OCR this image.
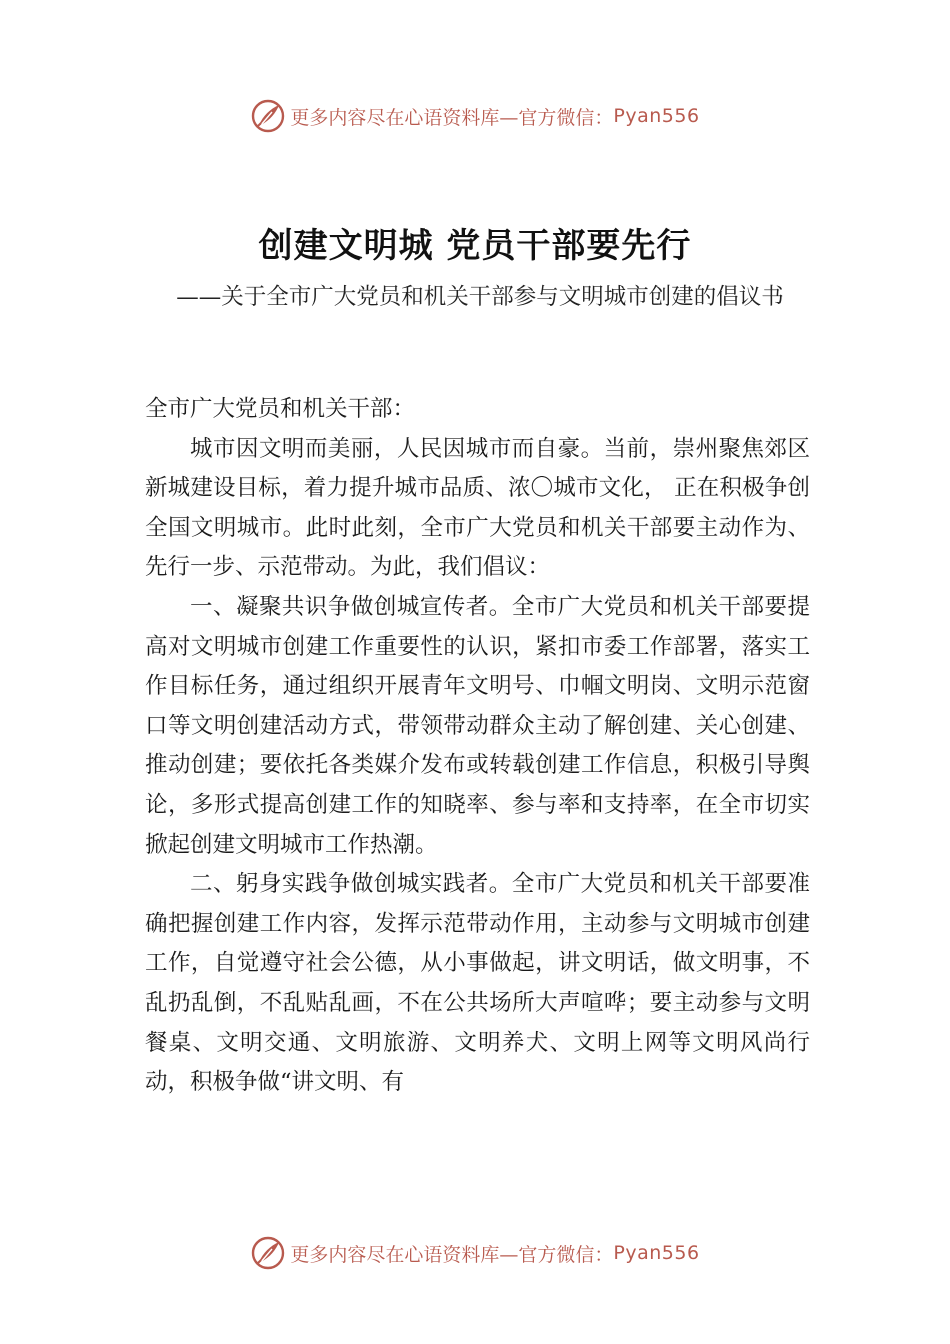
更多内容尽在心语资料库—官方微信： Pyan556
创建文明城 党员干部要先行
——关于全市广大党员和机关干部参与文明城市创建的倡议书

全市广大党员和机关干部：

城市因文明而美丽，人民因城市而自豪。当前，崇州聚焦郊区新城建设目标，着力提升城市品质、浓〇城市文化， 正在积极争创全国文明城市。此时此刻，全市广大党员和机关干部要主动作为、先行一步、示范带动。为此，我们倡议：

一、凝聚共识争做创城宣传者。全市广大党员和机关干部要提高对文明城市创建工作重要性的认识，紧扣市委工作部署，落实工作目标任务，通过组织开展青年文明号、巾帼文明岗、文明示范窗口等文明创建活动方式，带领带动群众主动了解创建、关心创建、推动创建；要依托各类媒介发布或转载创建工作信息，积极引导舆论，多形式提高创建工作的知晓率、参与率和支持率，在全市切实掀起创建文明城市工作热潮。

二、躬身实践争做创城实践者。全市广大党员和机关干部要准确把握创建工作内容，发挥示范带动作用，主动参与文明城市创建工作，自觉遵守社会公德，从小事做起，讲文明话，做文明事，不乱扔乱倒，不乱贴乱画，不在公共场所大声喧哗；要主动参与文明餐桌、文明交通、文明旅游、文明养犬、文明上网等文明风尚行动，积极争做“讲文明、有

更多内容尽在心语资料库—官方微信： Pyan556
